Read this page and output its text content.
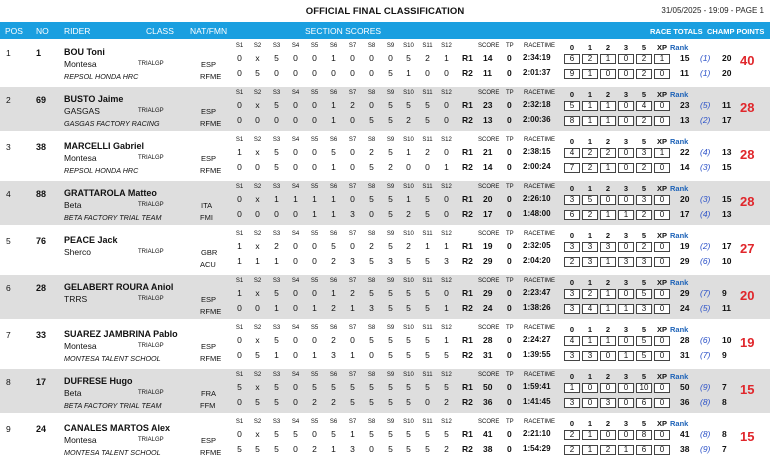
OFFICIAL FINAL CLASSIFICATION	31/05/2025 - 19:09 - PAGE 1
POS NO RIDER	CLASS NAT/FMN	SECTION SCORES	RACE TOTALS CHAMP POINTS
1	1	BOU Toni
Montesa
REPSOL HONDA HRC
TRIALGP	ESP
RFME
S1	S2	S3	S4	S5	S6	S7	S8	S9	S10	S11	S12	SCORE TP RACETIME	0	1	2	3	5	XP Rank
0	x	5	0	0	1	0	0	0	5	2	1	R1 14 0 2:34:19	6	2	1	0	2	1	15 (1) 20
0	5	0	0	0	0	0	0	5	1	0	0	R2 11 0 2:01:37	9	1	0	0	2	0	11 (1) 20
40
2	69 BUSTO Jaime
GASGAS
GASGAS FACTORY RACING
TRIALGP	ESP
RFME
S1	S2	S3	S4	S5	S6	S7	S8	S9	S10	S11	S12	SCORE TP RACETIME	0	1	2	3	5	XP Rank
0	x	5	0	0	1	2	0	5	5	5	0	R1 23 0 2:32:18	5	1	1	0	4	0	23 (5) 11
0	0	0	0	0	1	0	5	5	2	5	0	R2 13 0 2:00:36	8	1	1	0	2	0	13 (2) 17
28
3	38 MARCELLI Gabriel
Montesa
REPSOL HONDA HRC
TRIALGP	ESP
RFME
S1	S2	S3	S4	S5	S6	S7	S8	S9	S10	S11	S12	SCORE TP RACETIME	0	1	2	3	5	XP Rank
1	x	5	0	0	5	0	2	5	1	2	0	R1 21 0 2:38:15	4	2	2	0	3	1	22 (4) 13
0	0	5	0	0	1	0	5	2	0	0	1	R2 14 0 2:00:24	7	2	1	0	2	0	14 (3) 15
28
4	88 GRATTAROLA Matteo
Beta
BETA FACTORY TRIAL TEAM
TRIALGP	ITA
FMI
S1	S2	S3	S4	S5	S6	S7	S8	S9	S10	S11	S12	SCORE TP RACETIME	0	1	2	3	5	XP Rank
0	x	1	1	1	1	0	5	5	1	5	0	R1 20 0 2:26:10	3	5	0	0	3	0	20 (3) 15
0	0	0	0	1	1	3	0	5	2	5	0	R2 17 0 1:48:00	6	2	1	1	2	0	17 (4) 13
28
5	76 PEACE Jack
Sherco	TRIALGP	GBR
ACU
S1	S2	S3	S4	S5	S6	S7	S8	S9	S10	S11	S12	SCORE TP RACETIME	0	1	2	3	5	XP Rank
1	x	2	0	0	5	0	2	5	2	1	1	R1 19 0 2:32:05	3	3	3	0	2	0	19 (2) 17
1	1	1	0	0	2	3	5	3	5	5	3	R2 29 0 2:04:20	2	3	1	3	3	0	29 (6) 10
27
6	28 GELABERT ROURA Aniol
TRRS	TRIALGP	ESP
RFME
S1	S2	S3	S4	S5	S6	S7	S8	S9	S10	S11	S12	SCORE TP RACETIME	0	1	2	3	5	XP Rank
1	x	5	0	0	1	2	5	5	5	5	0	R1 29 0 2:23:47	3	2	1	0	5	0	29 (7) 9
0	0	1	0	1	2	1	3	5	5	5	1	R2 24 0 1:38:26	3	4	1	1	3	0	24 (5) 11
20
7	33 SUAREZ JAMBRINA Pablo
Montesa
MONTESA TALENT SCHOOL
TRIALGP	ESP
RFME
S1	S2	S3	S4	S5	S6	S7	S8	S9	S10	S11	S12	SCORE TP RACETIME	0	1	2	3	5	XP Rank
0	x	5	0	0	2	0	5	5	5	5	1	R1 28 0 2:24:27	4	1	1	0	5	0	28 (6) 10
0	5	1	0	1	3	1	0	5	5	5	5	R2 31 0 1:39:55	3	3	0	1	5	0	31 (7) 9
19
8	17 DUFRESE Hugo
Beta
BETA FACTORY TRIAL TEAM
TRIALGP	FRA
FFM
S1	S2	S3	S4	S5	S6	S7	S8	S9	S10	S11	S12	SCORE TP RACETIME	0	1	2	3	5	XP Rank
5	x	5	0	5	5	5	5	5	5	5	5	R1 50 0 1:59:41	1	0	0	0	10	0	50 (9) 7
0	5	5	0	2	2	5	5	5	5	0	2	R2 36 0 1:41:45	3	0	3	0	6	0	36 (8) 8
15
9	24 CANALES MARTOS Alex
Montesa
MONTESA TALENT SCHOOL
TRIALGP	ESP
RFME
S1	S2	S3	S4	S5	S6	S7	S8	S9	S10	S11	S12	SCORE TP RACETIME	0	1	2	3	5	XP Rank
0	x	5	5	0	5	1	5	5	5	5	5	R1 41 0 2:21:10	2	1	0	0	8	0	41 (8) 8
5	5	5	0	2	1	3	0	5	5	5	2	R2 38 0 1:54:29	2	1	2	1	6	0	38 (9) 7
15
